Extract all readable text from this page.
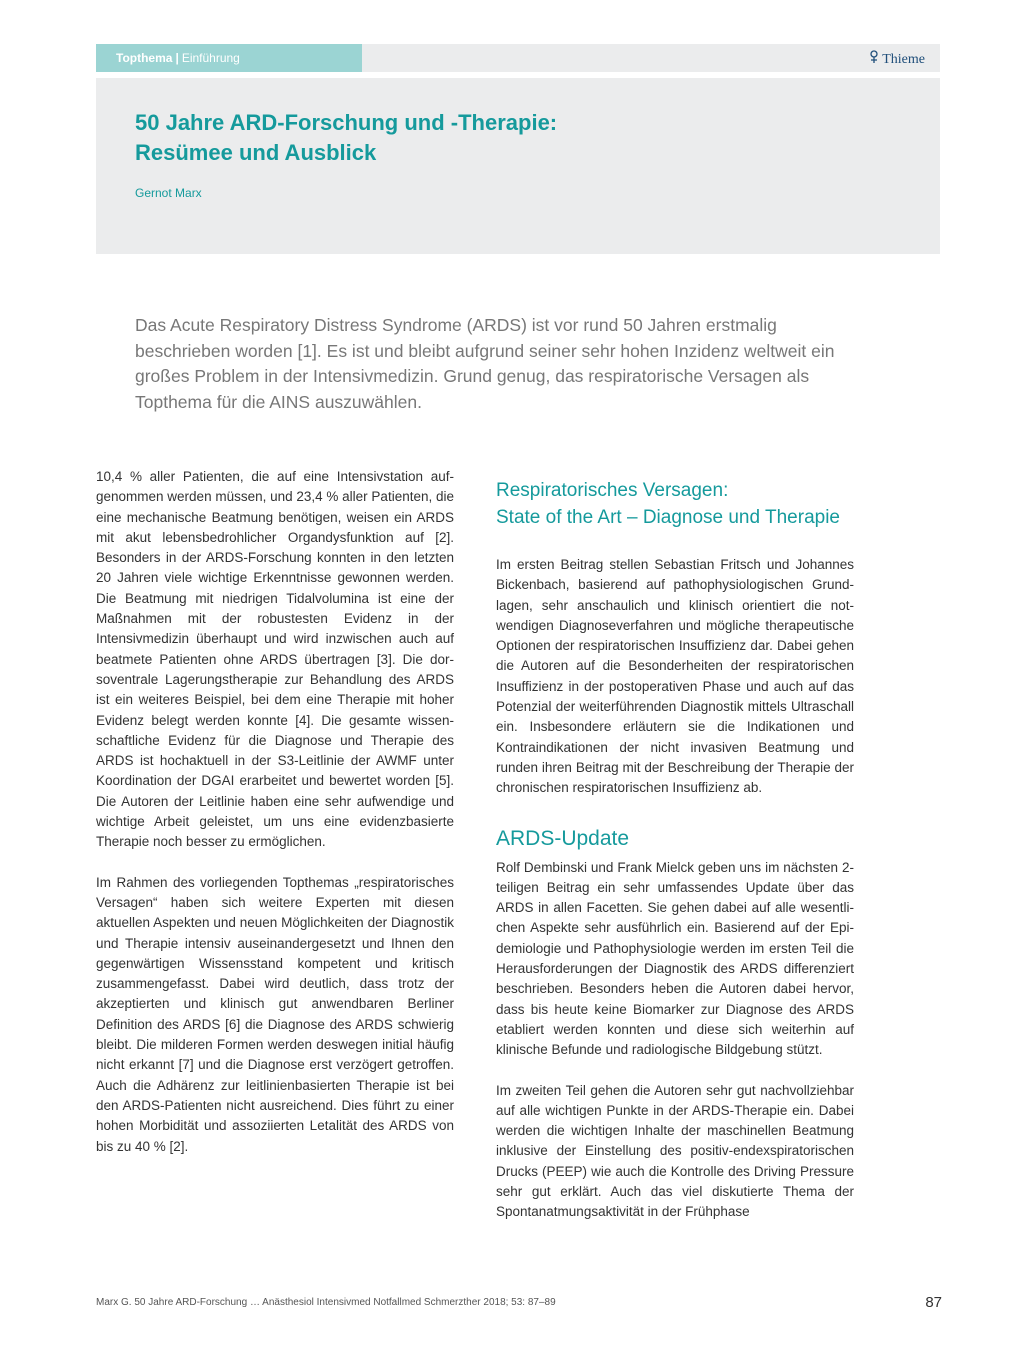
Topthema | Einführung	Thieme
50 Jahre ARD-Forschung und -Therapie:
Resümee und Ausblick
Gernot Marx

Das Acute Respiratory Distress Syndrome (ARDS) ist vor rund 50 Jahren erstmalig beschrieben worden [1]. Es ist und bleibt aufgrund seiner sehr hohen Inzidenz weltweit ein großes Problem in der Intensivmedizin. Grund genug, das respiratorische Versagen als Topthema für die AINS auszuwählen.

10,4 % aller Patienten, die auf eine Intensivstation aufgenommen werden müssen, und 23,4 % aller Patienten, die eine mechanische Beatmung benötigen, weisen ein ARDS mit akut lebensbedrohlicher Organdysfunktion auf [2]. Besonders in der ARDS-Forschung konnten in den letzten 20 Jahren viele wichtige Erkenntnisse gewonnen werden. Die Beatmung mit niedrigen Tidalvolumina ist eine der Maßnahmen mit der robustesten Evidenz in der Intensivmedizin überhaupt und wird inzwischen auch auf beatmete Patienten ohne ARDS übertragen [3]. Die dorsoventrale Lagerungstherapie zur Behandlung des ARDS ist ein weiteres Beispiel, bei dem eine Therapie mit hoher Evidenz belegt werden konnte [4]. Die gesamte wissenschaftliche Evidenz für die Diagnose und Therapie des ARDS ist hochaktuell in der S3-Leitlinie der AWMF unter Koordination der DGAI erarbeitet und bewertet worden [5]. Die Autoren der Leitlinie haben eine sehr aufwendige und wichtige Arbeit geleistet, um uns eine evidenzbasierte Therapie noch besser zu ermöglichen.

Im Rahmen des vorliegenden Topthemas „respiratorisches Versagen“ haben sich weitere Experten mit diesen aktuellen Aspekten und neuen Möglichkeiten der Diagnostik und Therapie intensiv auseinandergesetzt und Ihnen den gegenwärtigen Wissensstand kompetent und kritisch zusammengefasst. Dabei wird deutlich, dass trotz der akzeptierten und klinisch gut anwendbaren Berliner Definition des ARDS [6] die Diagnose des ARDS schwierig bleibt. Die milderen Formen werden deswegen initial häufig nicht erkannt [7] und die Diagnose erst verzögert getroffen. Auch die Adhärenz zur leitlinienbasierten Therapie ist bei den ARDS-Patienten nicht ausreichend. Dies führt zu einer hohen Morbidität und assoziierten Letalität des ARDS von bis zu 40 % [2].

Respiratorisches Versagen:
State of the Art – Diagnose und Therapie

Im ersten Beitrag stellen Sebastian Fritsch und Johannes Bickenbach, basierend auf pathophysiologischen Grundlagen, sehr anschaulich und klinisch orientiert die notwendigen Diagnoseverfahren und mögliche therapeutische Optionen der respiratorischen Insuffizienz dar. Dabei gehen die Autoren auf die Besonderheiten der respiratorischen Insuffizienz in der postoperativen Phase und auch auf das Potenzial der weiterführenden Diagnostik mittels Ultraschall ein. Insbesondere erläutern sie die Indikationen und Kontraindikationen der nicht invasiven Beatmung und runden ihren Beitrag mit der Beschreibung der Therapie der chronischen respiratorischen Insuffizienz ab.

ARDS-Update

Rolf Dembinski und Frank Mielck geben uns im nächsten 2-teiligen Beitrag ein sehr umfassendes Update über das ARDS in allen Facetten. Sie gehen dabei auf alle wesentlichen Aspekte sehr ausführlich ein. Basierend auf der Epidemiologie und Pathophysiologie werden im ersten Teil die Herausforderungen der Diagnostik des ARDS differenziert beschrieben. Besonders heben die Autoren dabei hervor, dass bis heute keine Biomarker zur Diagnose des ARDS etabliert werden konnten und diese sich weiterhin auf klinische Befunde und radiologische Bildgebung stützt.

Im zweiten Teil gehen die Autoren sehr gut nachvollziehbar auf alle wichtigen Punkte in der ARDS-Therapie ein. Dabei werden die wichtigen Inhalte der maschinellen Beatmung inklusive der Einstellung des positiv-endexspiratorischen Drucks (PEEP) wie auch die Kontrolle des Driving Pressure sehr gut erklärt. Auch das viel diskutierte Thema der Spontanatmungsaktivität in der Frühphase

Marx G. 50 Jahre ARD-Forschung … Anästhesiol Intensivmed Notfallmed Schmerzther 2018; 53: 87–89	87
